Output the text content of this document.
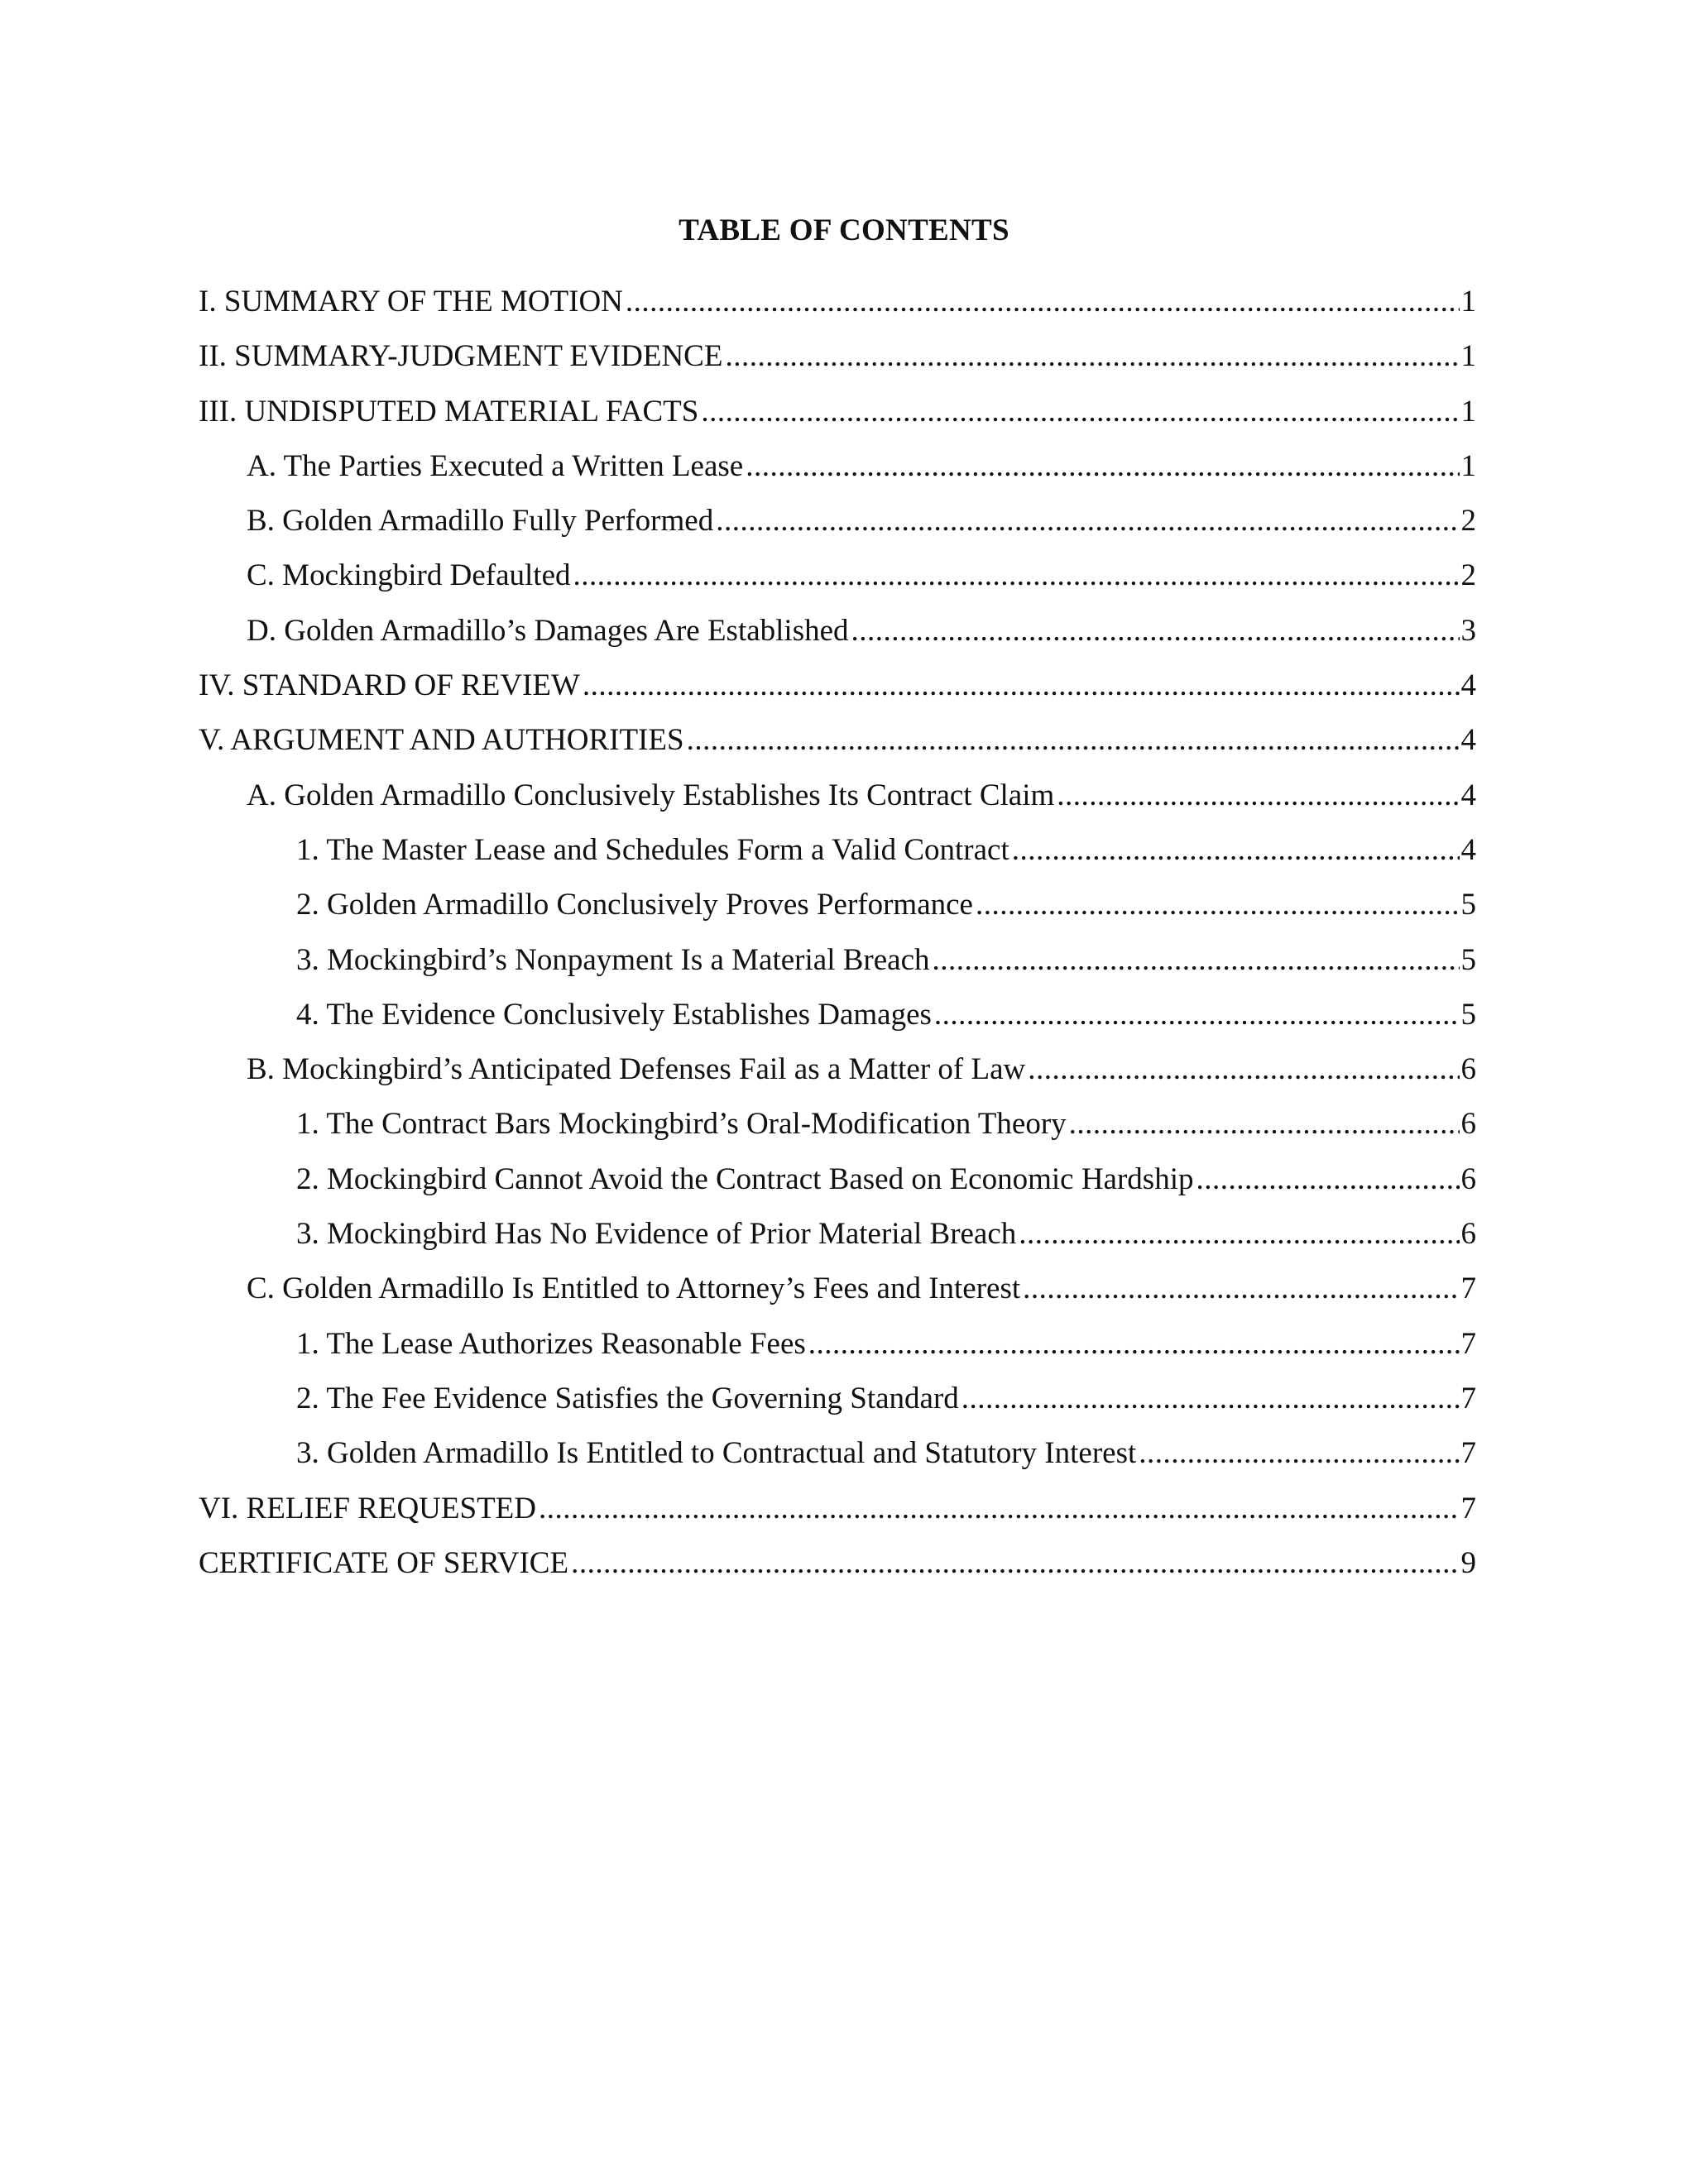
TABLE OF CONTENTS
I. SUMMARY OF THE MOTION .....	1
II. SUMMARY-JUDGMENT EVIDENCE .....	1
III. UNDISPUTED MATERIAL FACTS .....	1
A. The Parties Executed a Written Lease .....	1
B. Golden Armadillo Fully Performed .....	2
C. Mockingbird Defaulted .....	2
D. Golden Armadillo’s Damages Are Established .....	3
IV. STANDARD OF REVIEW .....	4
V. ARGUMENT AND AUTHORITIES .....	4
A. Golden Armadillo Conclusively Establishes Its Contract Claim .....	4
1. The Master Lease and Schedules Form a Valid Contract .....	4
2. Golden Armadillo Conclusively Proves Performance .....	5
3. Mockingbird’s Nonpayment Is a Material Breach .....	5
4. The Evidence Conclusively Establishes Damages .....	5
B. Mockingbird’s Anticipated Defenses Fail as a Matter of Law .....	6
1. The Contract Bars Mockingbird’s Oral-Modification Theory .....	6
2. Mockingbird Cannot Avoid the Contract Based on Economic Hardship .....	6
3. Mockingbird Has No Evidence of Prior Material Breach .....	6
C. Golden Armadillo Is Entitled to Attorney’s Fees and Interest .....	7
1. The Lease Authorizes Reasonable Fees .....	7
2. The Fee Evidence Satisfies the Governing Standard .....	7
3. Golden Armadillo Is Entitled to Contractual and Statutory Interest .....	7
VI. RELIEF REQUESTED .....	7
CERTIFICATE OF SERVICE .....	9
